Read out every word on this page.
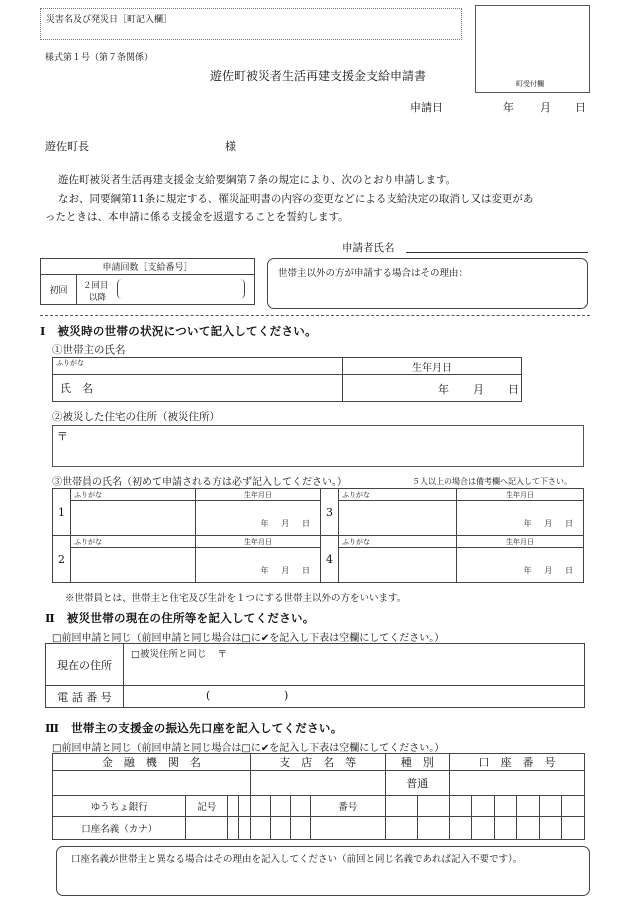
災害名及び発災日［町記入欄］
町受付欄
様式第１号（第７条関係）
遊佐町被災者生活再建支援金支給申請書
申請日	年 月 日
遊佐町長	様
遊佐町被災者生活再建支援金支給要綱第７条の規定により、次のとおり申請します。
なお、同要綱第11条に規定する、罹災証明書の内容の変更などによる支給決定の取消し又は変更があ
ったときは、本申請に係る支援金を返還することを誓約します。
申請者氏名
申請回数［支給番号］
初回	２回目
以降
世帯主以外の方が申請する場合はその理由：
Ⅰ　被災時の世帯の状況について記入してください。
①世帯主の氏名
ふりがな	生年月日
氏　名	年 月 日
②被災した住宅の住所（被災住所）
〒
③世帯員の氏名（初めて申請される方は必ず記入してください。）	５人以上の場合は備考欄へ記入して下さい。
1	ふりがな	生年月日	3	ふりがな	生年月日
		年 月 日			年 月 日
2	ふりがな	生年月日	4	ふりがな	生年月日
		年 月 日			年 月 日
※世帯員とは、世帯主と住宅及び生計を１つにする世帯主以外の方をいいます。
Ⅱ　被災世帯の現在の住所等を記入してください。
□前回申請と同じ（前回申請と同じ場合は□に✔を記入し下表は空欄にしてください。）
現在の住所	□被災住所と同じ 〒
電 話 番 号	( )
Ⅲ　世帯主の支援金の振込先口座を記入してください。
□前回申請と同じ（前回申請と同じ場合は□に✔を記入し下表は空欄にしてください。）
金　融　機　関　名				支　店　名　等				種　別		口　座　番　号					
								普通							
ゆうちょ銀行	記号						番号								
口座名義（カナ）															
口座名義が世帯主と異なる場合はその理由を記入してください（前回と同じ名義であれば記入不要です）。
